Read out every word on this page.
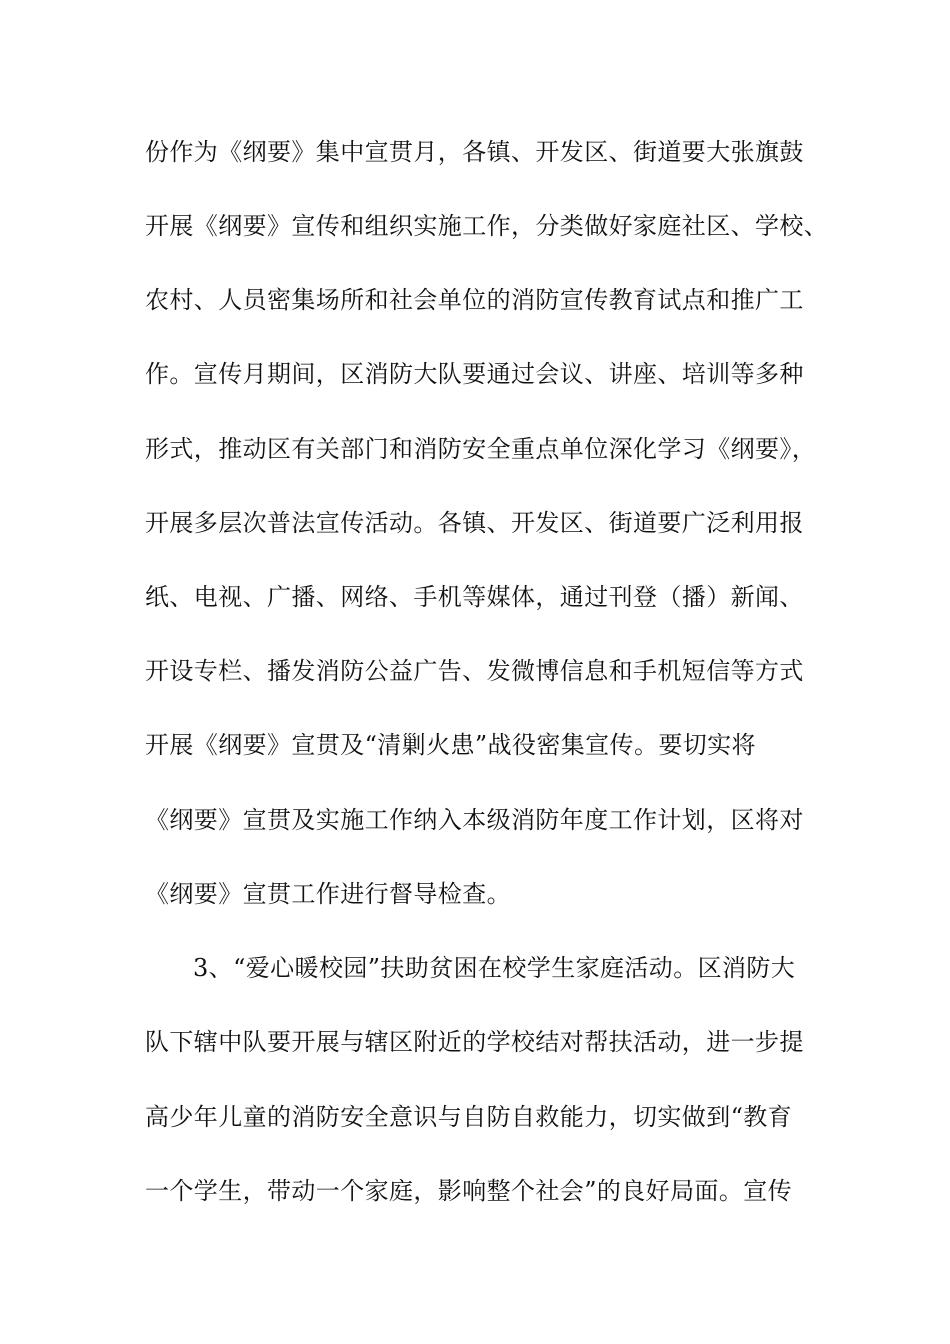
份作为《纲要》集中宣贯月，各镇、开发区、街道要大张旗鼓
开展《纲要》宣传和组织实施工作，分类做好家庭社区、学校、
农村、人员密集场所和社会单位的消防宣传教育试点和推广工
作。宣传月期间，区消防大队要通过会议、讲座、培训等多种
形式，推动区有关部门和消防安全重点单位深化学习《纲要》，
开展多层次普法宣传活动。各镇、开发区、街道要广泛利用报
纸、电视、广播、网络、手机等媒体，通过刊登（播）新闻、
开设专栏、播发消防公益广告、发微博信息和手机短信等方式
开展《纲要》宣贯及“清剿火患”战役密集宣传。要切实将
《纲要》宣贯及实施工作纳入本级消防年度工作计划，区将对
《纲要》宣贯工作进行督导检查。
3、“爱心暖校园”扶助贫困在校学生家庭活动。区消防大
队下辖中队要开展与辖区附近的学校结对帮扶活动，进一步提
高少年儿童的消防安全意识与自防自救能力，切实做到“教育
一个学生，带动一个家庭，影响整个社会”的良好局面。宣传
